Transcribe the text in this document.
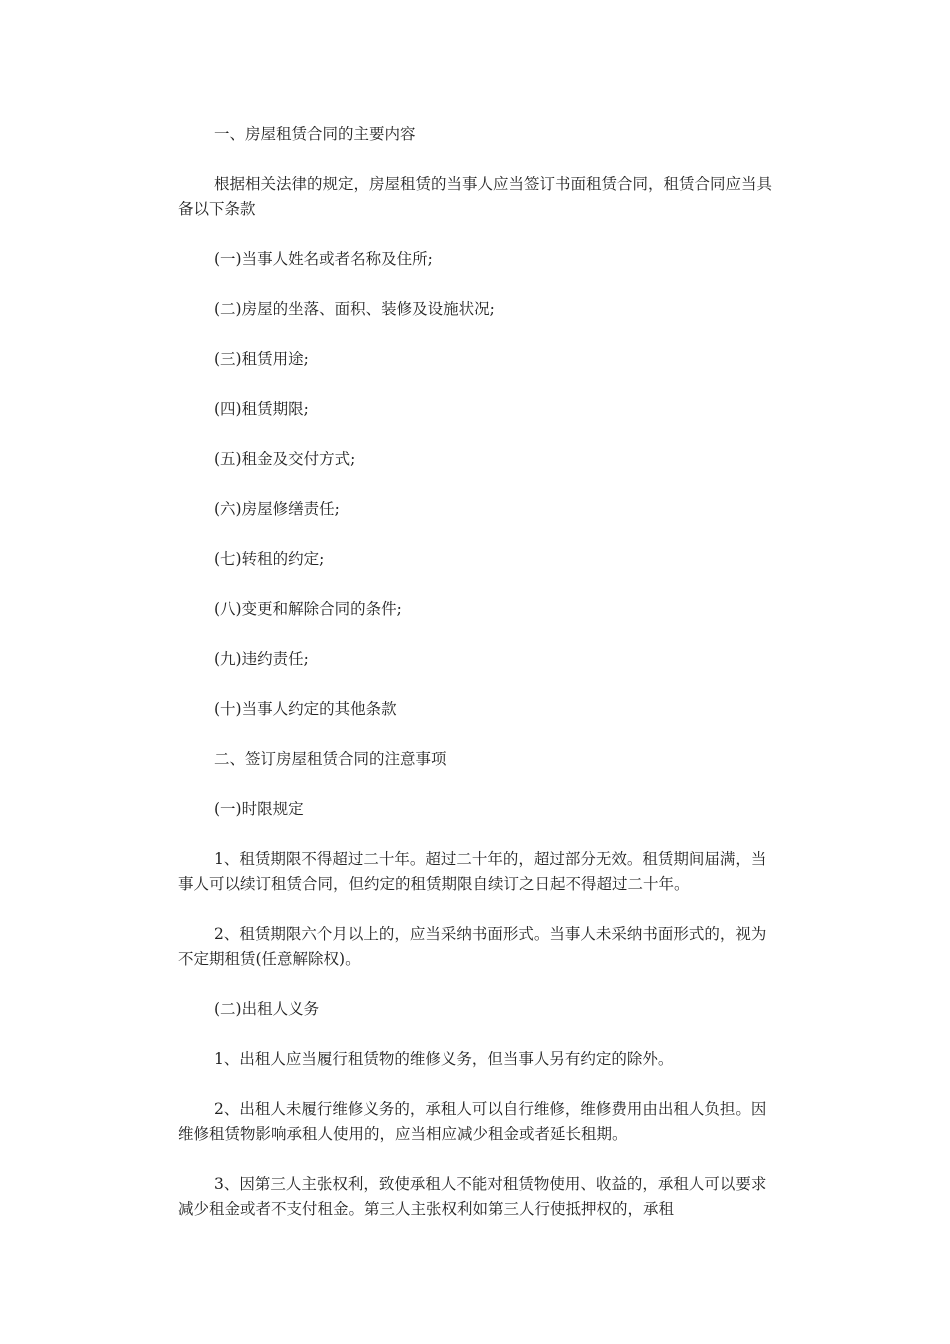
一、房屋租赁合同的主要内容

根据相关法律的规定，房屋租赁的当事人应当签订书面租赁合同，租赁合同应当具备以下条款

(一)当事人姓名或者名称及住所;

(二)房屋的坐落、面积、装修及设施状况;

(三)租赁用途;

(四)租赁期限;

(五)租金及交付方式;

(六)房屋修缮责任;

(七)转租的约定;

(八)变更和解除合同的条件;

(九)违约责任;

(十)当事人约定的其他条款

二、签订房屋租赁合同的注意事项

(一)时限规定

1、租赁期限不得超过二十年。超过二十年的，超过部分无效。租赁期间届满，当事人可以续订租赁合同，但约定的租赁期限自续订之日起不得超过二十年。

2、租赁期限六个月以上的，应当采纳书面形式。当事人未采纳书面形式的，视为不定期租赁(任意解除权)。

(二)出租人义务

1、出租人应当履行租赁物的维修义务，但当事人另有约定的除外。

2、出租人未履行维修义务的，承租人可以自行维修，维修费用由出租人负担。因维修租赁物影响承租人使用的，应当相应减少租金或者延长租期。

3、因第三人主张权利，致使承租人不能对租赁物使用、收益的，承租人可以要求减少租金或者不支付租金。第三人主张权利如第三人行使抵押权的，承租
